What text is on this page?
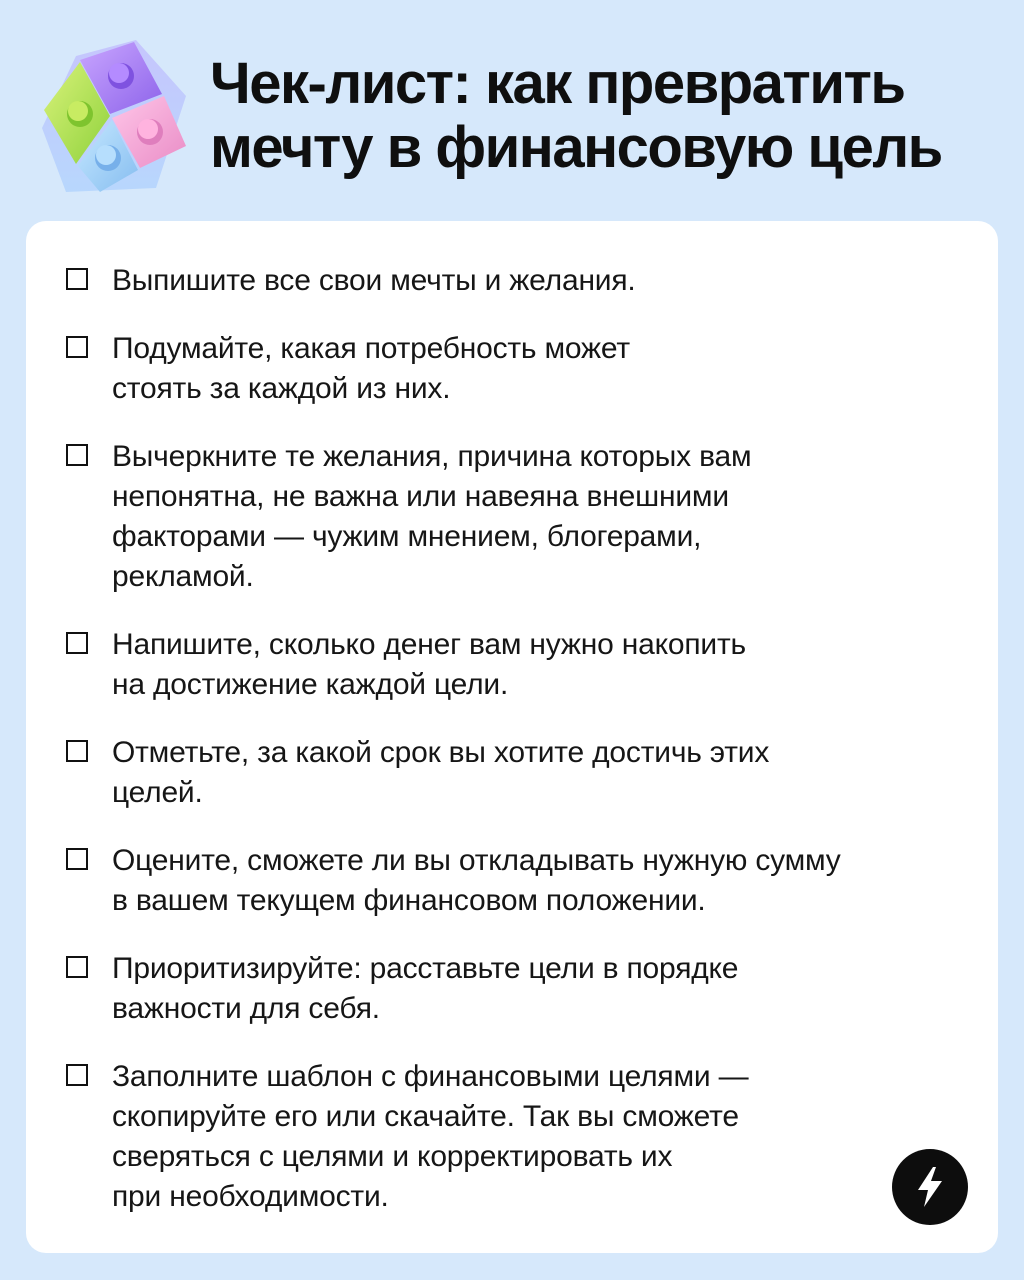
Чек-лист: как превратить
мечту в финансовую цель
Выпишите все свои мечты и желания.
Подумайте, какая потребность может
стоять за каждой из них.
Вычеркните те желания, причина которых вам
непонятна, не важна или навеяна внешними
факторами — чужим мнением, блогерами,
рекламой.
Напишите, сколько денег вам нужно накопить
на достижение каждой цели.
Отметьте, за какой срок вы хотите достичь этих
целей.
Оцените, сможете ли вы откладывать нужную сумму
в вашем текущем финансовом положении.
Приоритизируйте: расставьте цели в порядке
важности для себя.
Заполните шаблон с финансовыми целями —
скопируйте его или скачайте. Так вы сможете
сверяться с целями и корректировать их
при необходимости.
